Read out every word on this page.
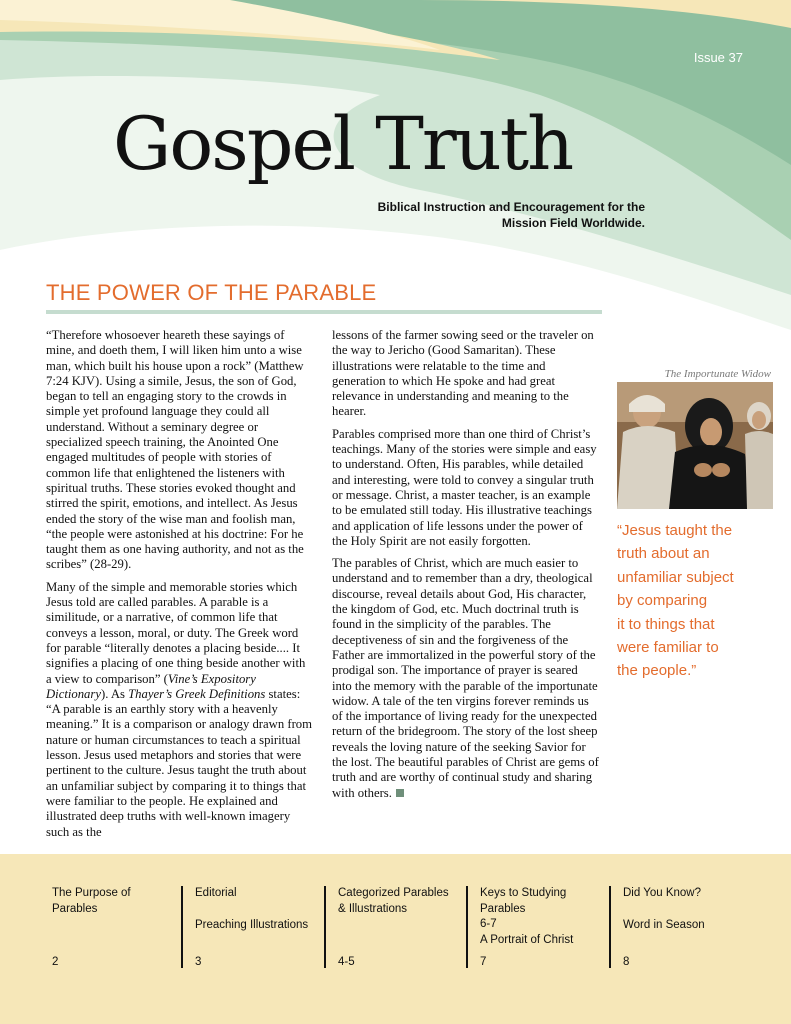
Issue 37
Gospel Truth
Biblical Instruction and Encouragement for the
Mission Field Worldwide.
THE POWER OF THE PARABLE

“Therefore whosoever heareth these sayings of mine, and doeth them, I will liken him unto a wise man, which built his house upon a rock” (Matthew 7:24 KJV). Using a simile, Jesus, the son of God, began to tell an engaging story to the crowds in simple yet profound language they could all understand. Without a seminary degree or specialized speech training, the Anointed One engaged multitudes of people with stories of common life that enlightened the listeners with spiritual truths. These stories evoked thought and stirred the spirit, emotions, and intellect. As Jesus ended the story of the wise man and foolish man, “the people were astonished at his doctrine: For he taught them as one having authority, and not as the scribes” (28-29).

Many of the simple and memorable stories which Jesus told are called parables. A parable is a similitude, or a narrative, of common life that conveys a lesson, moral, or duty. The Greek word for parable “literally denotes a placing beside.... It signifies a placing of one thing beside another with a view to comparison” (Vine’s Expository Dictionary). As Thayer’s Greek Definitions states: “A parable is an earthly story with a heavenly meaning.” It is a comparison or analogy drawn from nature or human circumstances to teach a spiritual lesson. Jesus used metaphors and stories that were pertinent to the culture. Jesus taught the truth about an unfamiliar subject by comparing it to things that were familiar to the people. He explained and illustrated deep truths with well-known imagery such as the

lessons of the farmer sowing seed or the traveler on the way to Jericho (Good Samaritan). These illustrations were relatable to the time and generation to which He spoke and had great relevance in understanding and meaning to the hearer.

Parables comprised more than one third of Christ’s teachings. Many of the stories were simple and easy to understand. Often, His parables, while detailed and interesting, were told to convey a singular truth or message. Christ, a master teacher, is an example to be emulated still today. His illustrative teachings and application of life lessons under the power of the Holy Spirit are not easily forgotten.

The parables of Christ, which are much easier to understand and to remember than a dry, theological discourse, reveal details about God, His character, the kingdom of God, etc. Much doctrinal truth is found in the simplicity of the parables. The deceptiveness of sin and the forgiveness of the Father are immortalized in the powerful story of the prodigal son. The importance of prayer is seared into the memory with the parable of the importunate widow. A tale of the ten virgins forever reminds us of the importance of living ready for the unexpected return of the bridegroom. The story of the lost sheep reveals the loving nature of the seeking Savior for the lost. The beautiful parables of Christ are gems of truth and are worthy of continual study and sharing with others.

The Importunate Widow
“Jesus taught the
truth about an
unfamiliar subject
by comparing
it to things that
were familiar to
the people.”
The Purpose of
Parables
2
Editorial
Preaching Illustrations
3
Categorized Parables
& Illustrations
4-5
Keys to Studying
Parables
6-7
A Portrait of Christ
7
Did You Know?
Word in Season
8
